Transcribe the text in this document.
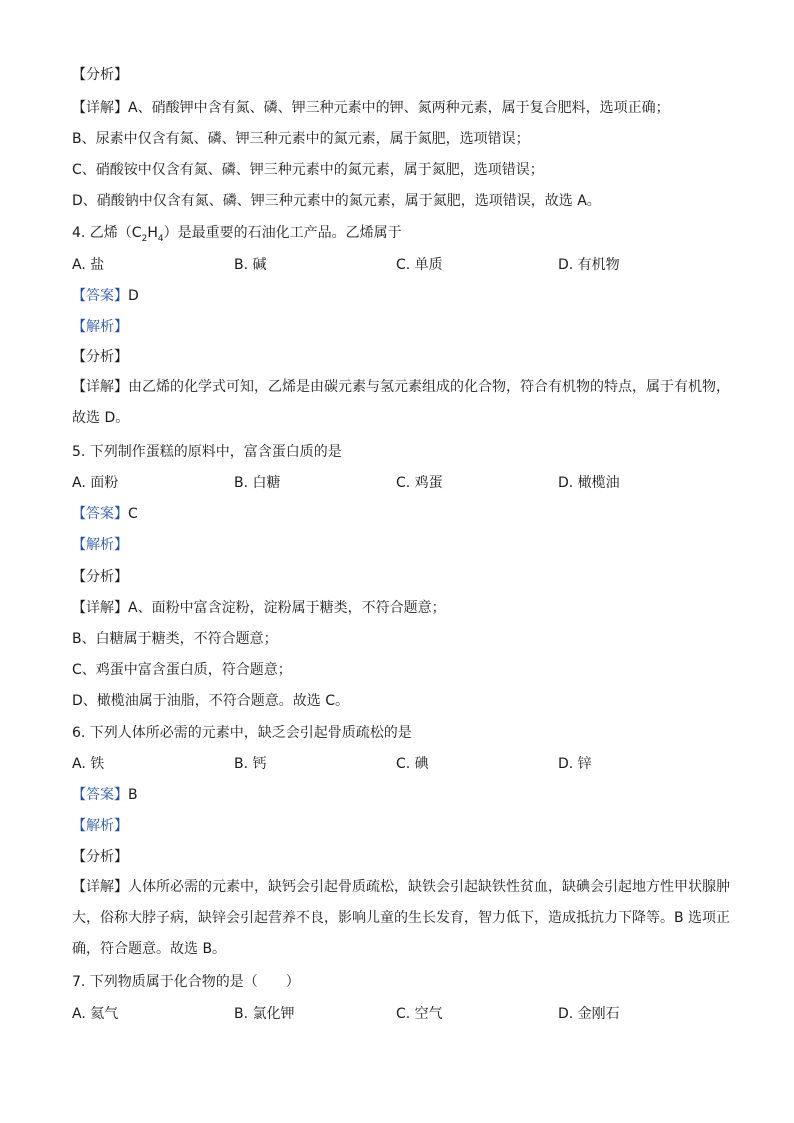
【分析】
【详解】A、硝酸钾中含有氮、磷、钾三种元素中的钾、氮两种元素，属于复合肥料，选项正确；
B、尿素中仅含有氮、磷、钾三种元素中的氮元素，属于氮肥，选项错误；
C、硝酸铵中仅含有氮、磷、钾三种元素中的氮元素，属于氮肥，选项错误；
D、硝酸钠中仅含有氮、磷、钾三种元素中的氮元素，属于氮肥，选项错误，故选 A。
4. 乙烯$(C_2H_4)$是最重要的石油化工产品。乙烯属于
A. 盐	B. 碱	C. 单质	D. 有机物
【答案】D
【解析】
【分析】
【详解】由乙烯的化学式可知，乙烯是由碳元素与氢元素组成的化合物，符合有机物的特点，属于有机物，故选 D。
5. 下列制作蛋糕的原料中，富含蛋白质的是
A. 面粉	B. 白糖	C. 鸡蛋	D. 橄榄油
【答案】C
【解析】
【分析】
【详解】A、面粉中富含淀粉，淀粉属于糖类，不符合题意；
B、白糖属于糖类，不符合题意；
C、鸡蛋中富含蛋白质，符合题意；
D、橄榄油属于油脂，不符合题意。故选 C。
6. 下列人体所必需的元素中，缺乏会引起骨质疏松的是
A. 铁	B. 钙	C. 碘	D. 锌
【答案】B
【解析】
【分析】
【详解】人体所必需的元素中，缺钙会引起骨质疏松，缺铁会引起缺铁性贫血，缺碘会引起地方性甲状腺肿大，俗称大脖子病，缺锌会引起营养不良，影响儿童的生长发育，智力低下，造成抵抗力下降等。B 选项正确，符合题意。故选 B。
7. 下列物质属于化合物的是（　　）
A. 氦气	B. 氯化钾	C. 空气	D. 金刚石
